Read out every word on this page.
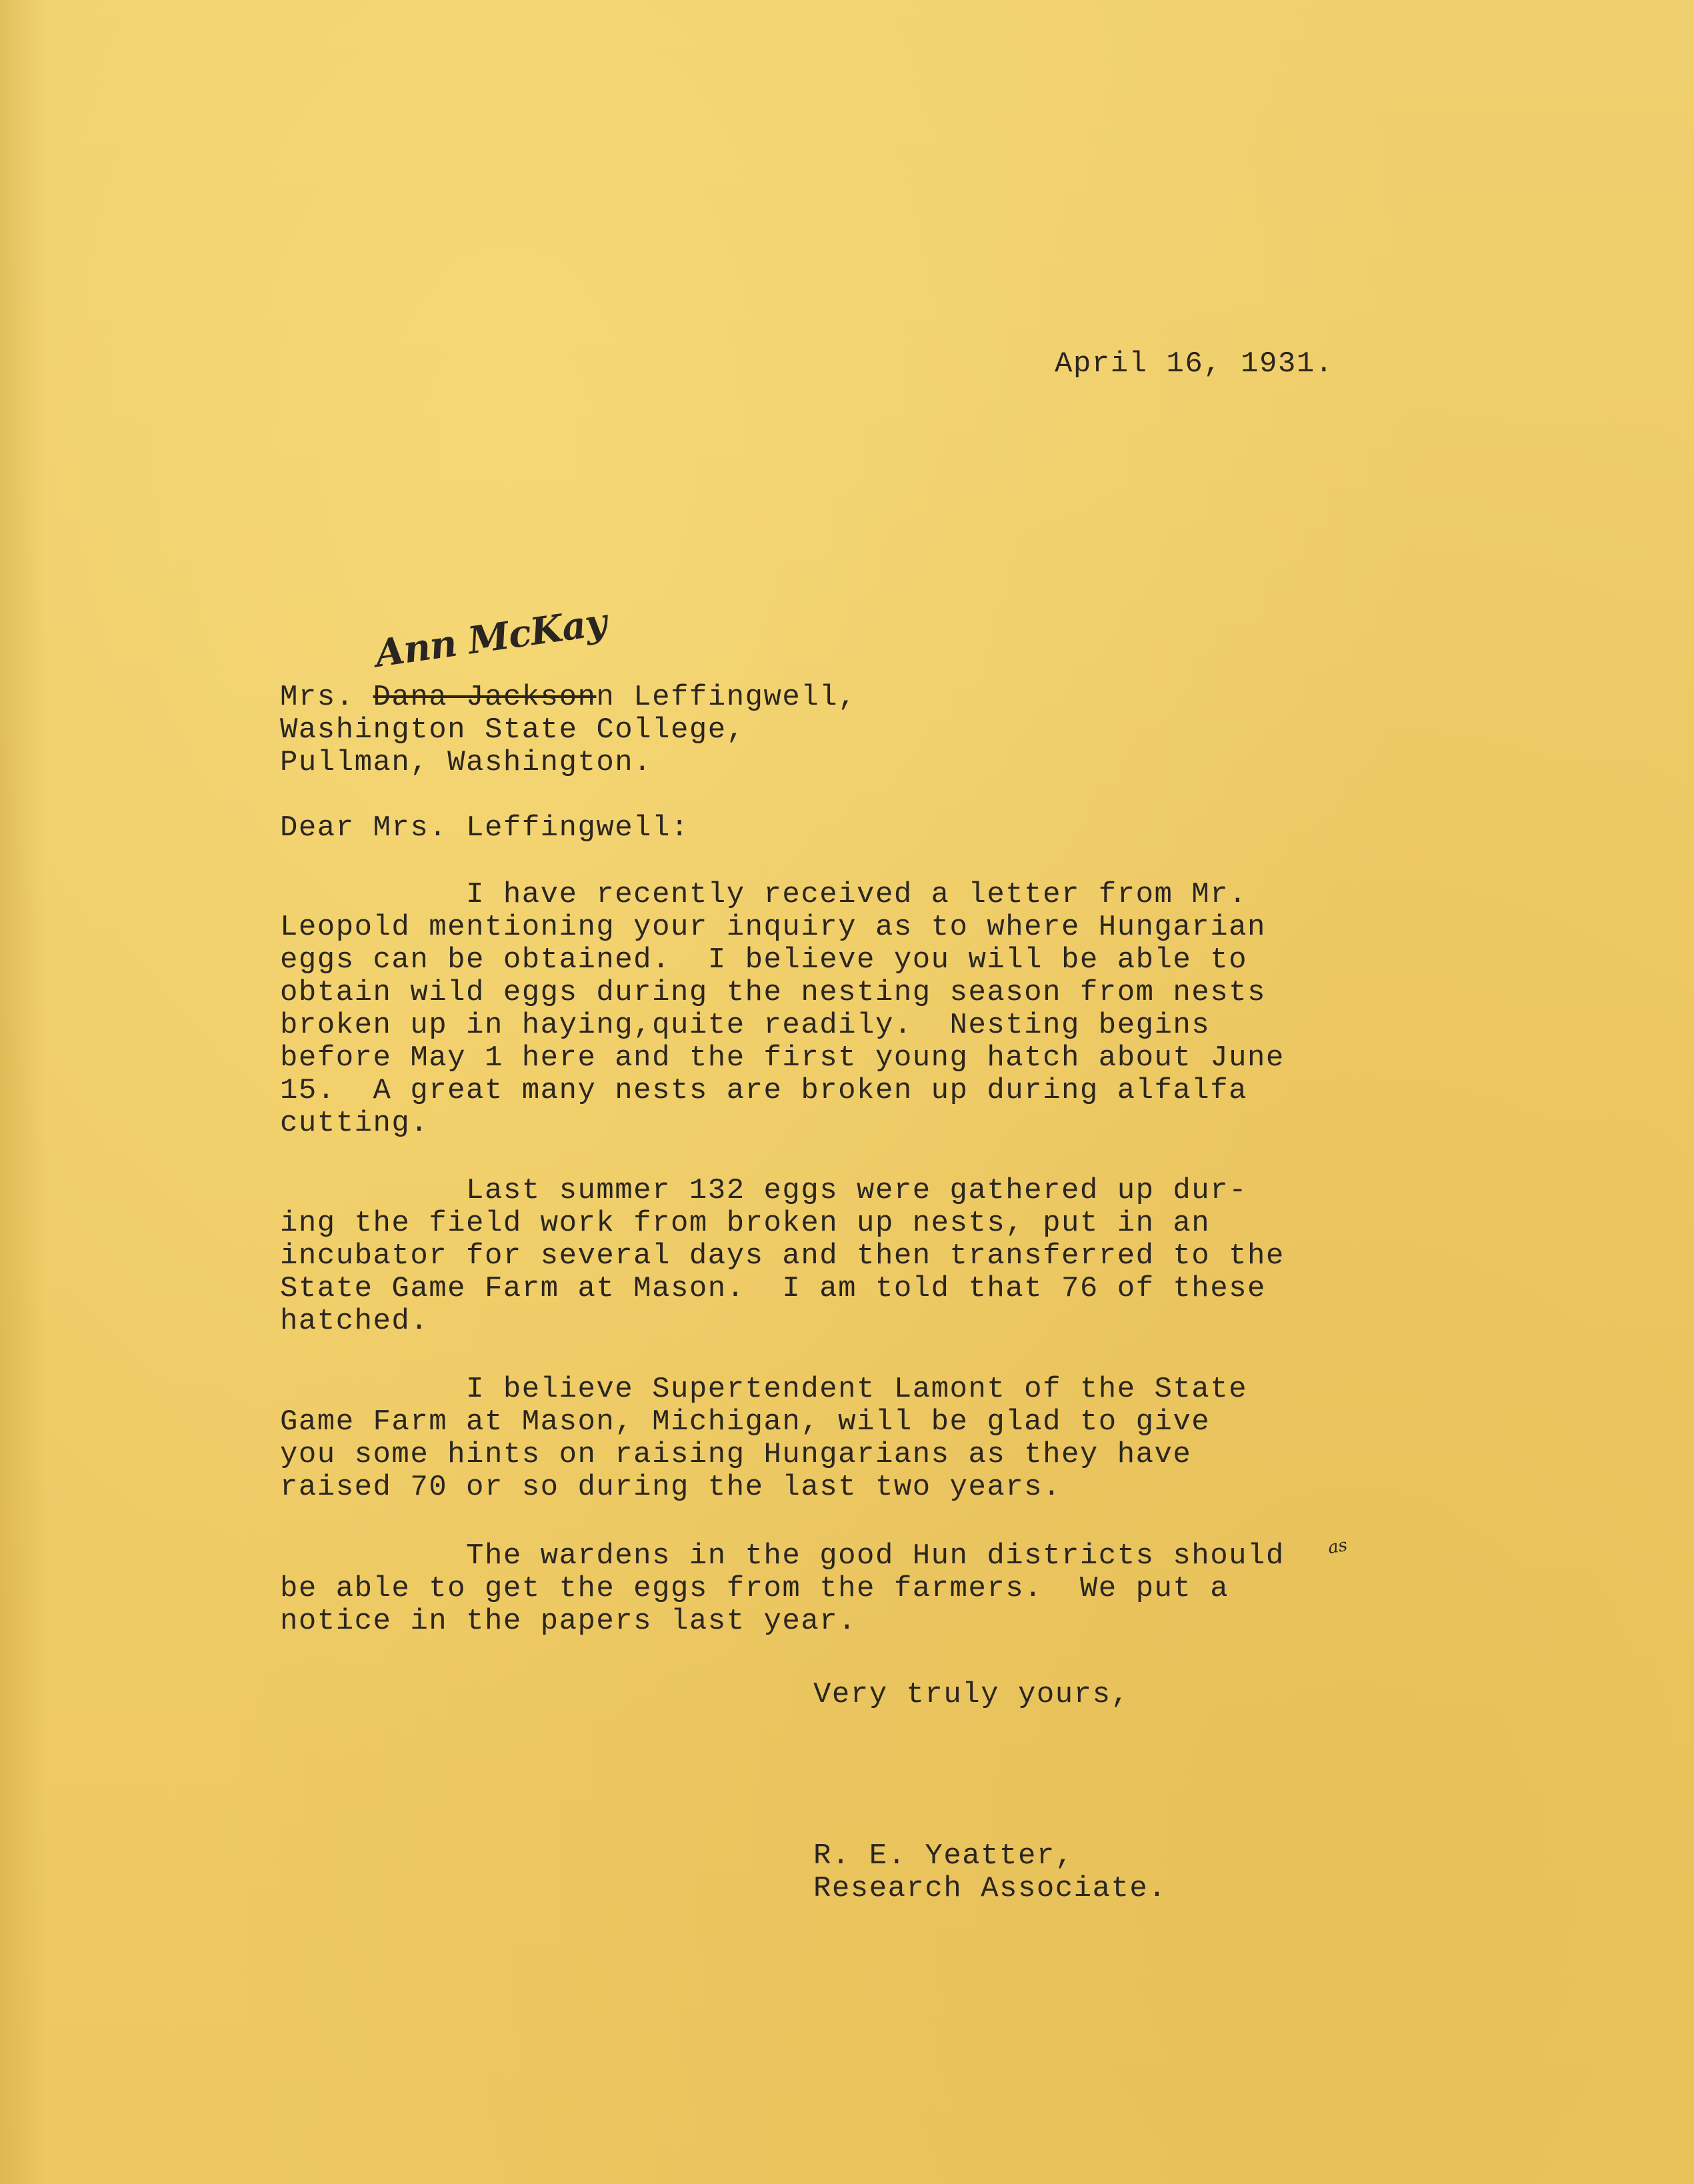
April 16, 1931.

Ann McKay
Mrs. Dana Jacksonn Leffingwell,
Washington State College,
Pullman, Washington.

Dear Mrs. Leffingwell:

I have recently received a letter from Mr.
Leopold mentioning your inquiry as to where Hungarian
eggs can be obtained.  I believe you will be able to
obtain wild eggs during the nesting season from nests
broken up in haying,quite readily.  Nesting begins
before May 1 here and the first young hatch about June
15.  A great many nests are broken up during alfalfa
cutting.

Last summer 132 eggs were gathered up dur-
ing the field work from broken up nests, put in an
incubator for several days and then transferred to the
State Game Farm at Mason.  I am told that 76 of these
hatched.

I believe Supertendent Lamont of the State
Game Farm at Mason, Michigan, will be glad to give
you some hints on raising Hungarians as they have
raised 70 or so during the last two years.

The wardens in the good Hun districts should
be able to get the eggs from the farmers.  We put a
notice in the papers last year.

as

Very truly yours,

R. E. Yeatter,
Research Associate.
